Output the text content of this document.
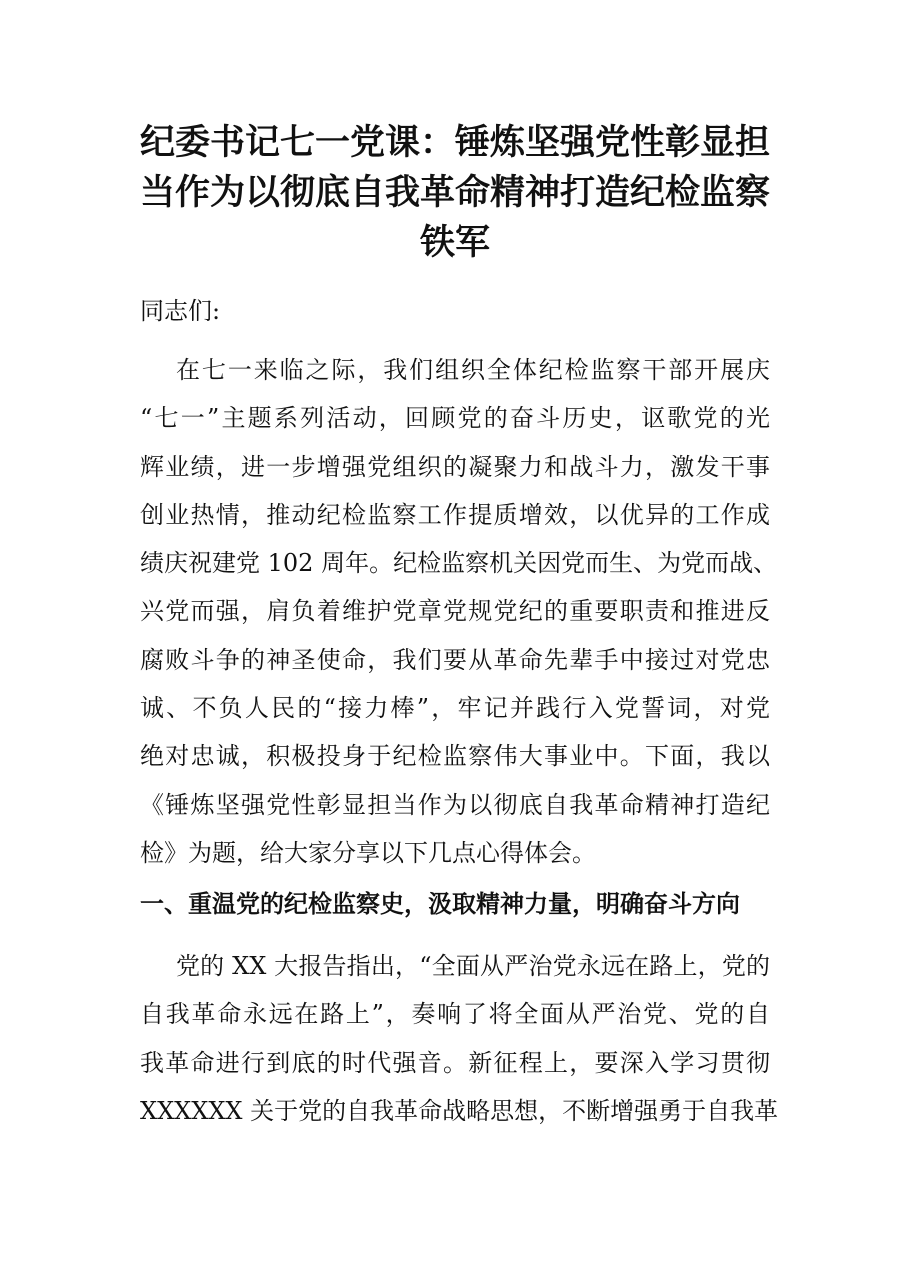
纪委书记七一党课：锤炼坚强党性彰显担
当作为以彻底自我革命精神打造纪检监察
铁军

同志们:

在七一来临之际，我们组织全体纪检监察干部开展庆
“七一”主题系列活动，回顾党的奋斗历史，讴歌党的光
辉业绩，进一步增强党组织的凝聚力和战斗力，激发干事
创业热情，推动纪检监察工作提质增效，以优异的工作成
绩庆祝建党 102 周年。纪检监察机关因党而生、为党而战、
兴党而强，肩负着维护党章党规党纪的重要职责和推进反
腐败斗争的神圣使命，我们要从革命先辈手中接过对党忠
诚、不负人民的“接力棒”，牢记并践行入党誓词，对党
绝对忠诚，积极投身于纪检监察伟大事业中。下面，我以
《锤炼坚强党性彰显担当作为以彻底自我革命精神打造纪
检》为题，给大家分享以下几点心得体会。

一、重温党的纪检监察史，汲取精神力量，明确奋斗方向

党的 XX 大报告指出，“全面从严治党永远在路上，党的
自我革命永远在路上”，奏响了将全面从严治党、党的自
我革命进行到底的时代强音。新征程上，要深入学习贯彻
XXXXXX 关于党的自我革命战略思想，不断增强勇于自我革
